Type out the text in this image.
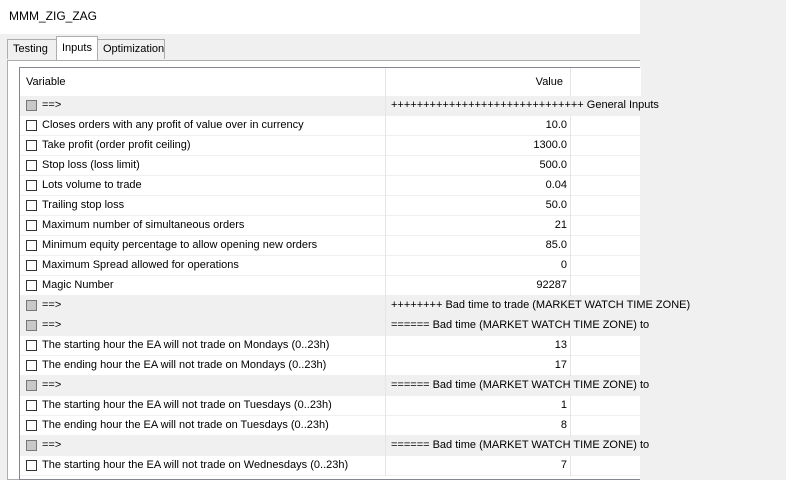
MMM_ZIG_ZAG
Testing	Inputs	Optimization
Variable	Value
==>	++++++++++++++++++++++++++++++ General Inputs
Closes orders with any profit of value over in currency	10.0
Take profit (order profit ceiling)	1300.0
Stop loss (loss limit)	500.0
Lots volume to trade	0.04
Trailing stop loss	50.0
Maximum number of simultaneous orders	21
Minimum equity percentage to allow opening new orders	85.0
Maximum Spread allowed for operations	0
Magic Number	92287
==>	++++++++ Bad time to trade (MARKET WATCH TIME ZONE)
==>	====== Bad time (MARKET WATCH TIME ZONE) to
The starting hour the EA will not trade on Mondays (0..23h)	13
The ending hour the EA will not trade on Mondays (0..23h)	17
==>	====== Bad time (MARKET WATCH TIME ZONE) to
The starting hour the EA will not trade on Tuesdays (0..23h)	1
The ending hour the EA will not trade on Tuesdays (0..23h)	8
==>	====== Bad time (MARKET WATCH TIME ZONE) to
The starting hour the EA will not trade on Wednesdays (0..23h)	7
